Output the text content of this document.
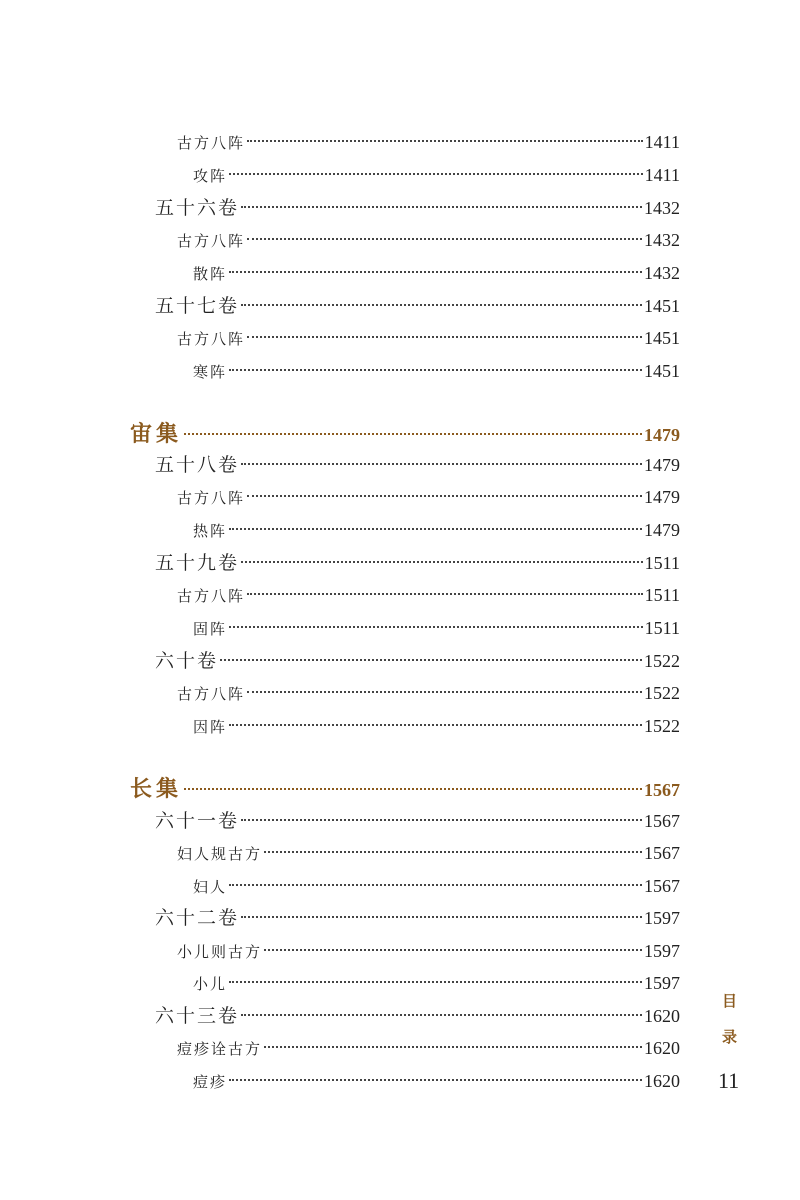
古方八阵	1411
攻阵	1411
五十六卷	1432
古方八阵	1432
散阵	1432
五十七卷	1451
古方八阵	1451
寒阵	1451
宙集	1479
五十八卷	1479
古方八阵	1479
热阵	1479
五十九卷	1511
古方八阵	1511
固阵	1511
六十卷	1522
古方八阵	1522
因阵	1522
长集	1567
六十一卷	1567
妇人规古方	1567
妇人	1567
六十二卷	1597
小儿则古方	1597
小儿	1597
六十三卷	1620
痘疹诠古方	1620
痘疹	1620
目
录
11
